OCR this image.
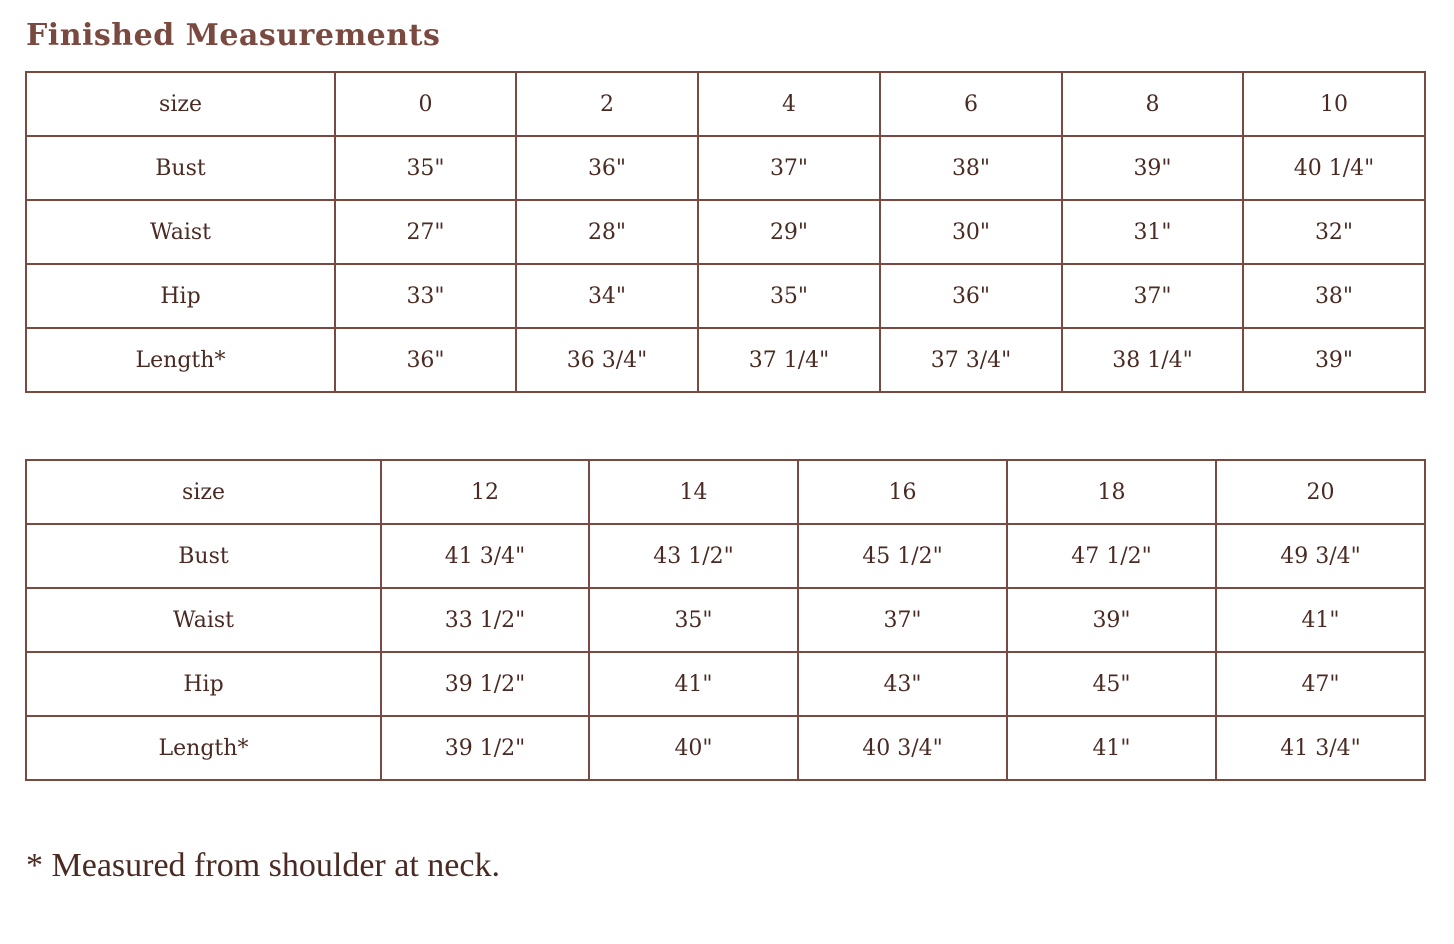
Finished Measurements
size	0	2	4	6	8	10
Bust	35"	36"	37"	38"	39"	40 1/4"
Waist	27"	28"	29"	30"	31"	32"
Hip	33"	34"	35"	36"	37"	38"
Length*	36"	36 3/4"	37 1/4"	37 3/4"	38 1/4"	39"
size	12	14	16	18	20
Bust	41 3/4"	43 1/2"	45 1/2"	47 1/2"	49 3/4"
Waist	33 1/2"	35"	37"	39"	41"
Hip	39 1/2"	41"	43"	45"	47"
Length*	39 1/2"	40"	40 3/4"	41"	41 3/4"

* Measured from shoulder at neck.
